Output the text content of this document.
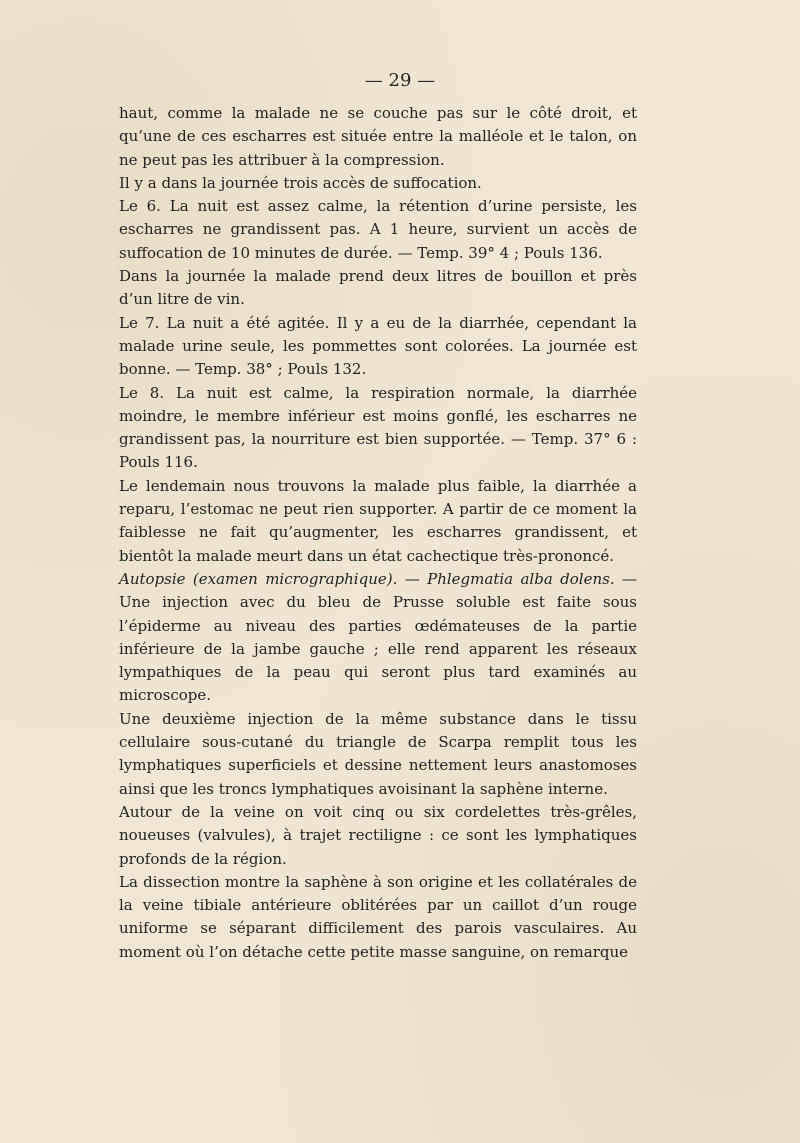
— 29 —

haut, comme la malade ne se couche pas sur le côté droit, et qu’une de ces escharres est située entre la malléole et le talon, on ne peut pas les attribuer à la compression.

Il y a dans la journée trois accès de suffocation.

Le 6. La nuit est assez calme, la rétention d’urine persiste, les escharres ne grandissent pas. A 1 heure, survient un accès de suffocation de 10 minutes de durée. — Temp. 39° 4 ; Pouls 136.

Dans la journée la malade prend deux litres de bouillon et près d’un litre de vin.

Le 7. La nuit a été agitée. Il y a eu de la diarrhée, cependant la malade urine seule, les pommettes sont colorées. La journée est bonne. — Temp. 38° ; Pouls 132.

Le 8. La nuit est calme, la respiration normale, la diarrhée moindre, le membre inférieur est moins gonflé, les escharres ne grandissent pas, la nourriture est bien supportée. — Temp. 37° 6 : Pouls 116.

Le lendemain nous trouvons la malade plus faible, la diarrhée a reparu, l’estomac ne peut rien supporter. A partir de ce moment la faiblesse ne fait qu’augmenter, les escharres grandissent, et bientôt la malade meurt dans un état cachectique très-prononcé.

Autopsie (examen micrographique). — Phlegmatia alba dolens. — Une injection avec du bleu de Prusse soluble est faite sous l’épiderme au niveau des parties œdémateuses de la partie inférieure de la jambe gauche ; elle rend apparent les réseaux lympathiques de la peau qui seront plus tard examinés au microscope.

Une deuxième injection de la même substance dans le tissu cellulaire sous-cutané du triangle de Scarpa remplit tous les lymphatiques superficiels et dessine nettement leurs anastomoses ainsi que les troncs lymphatiques avoisinant la saphène interne.

Autour de la veine on voit cinq ou six cordelettes très-grêles, noueuses (valvules), à trajet rectiligne : ce sont les lymphatiques profonds de la région.

La dissection montre la saphène à son origine et les collatérales de la veine tibiale antérieure oblitérées par un caillot d’un rouge uniforme se séparant difficilement des parois vasculaires. Au moment où l’on détache cette petite masse sanguine, on remarque
